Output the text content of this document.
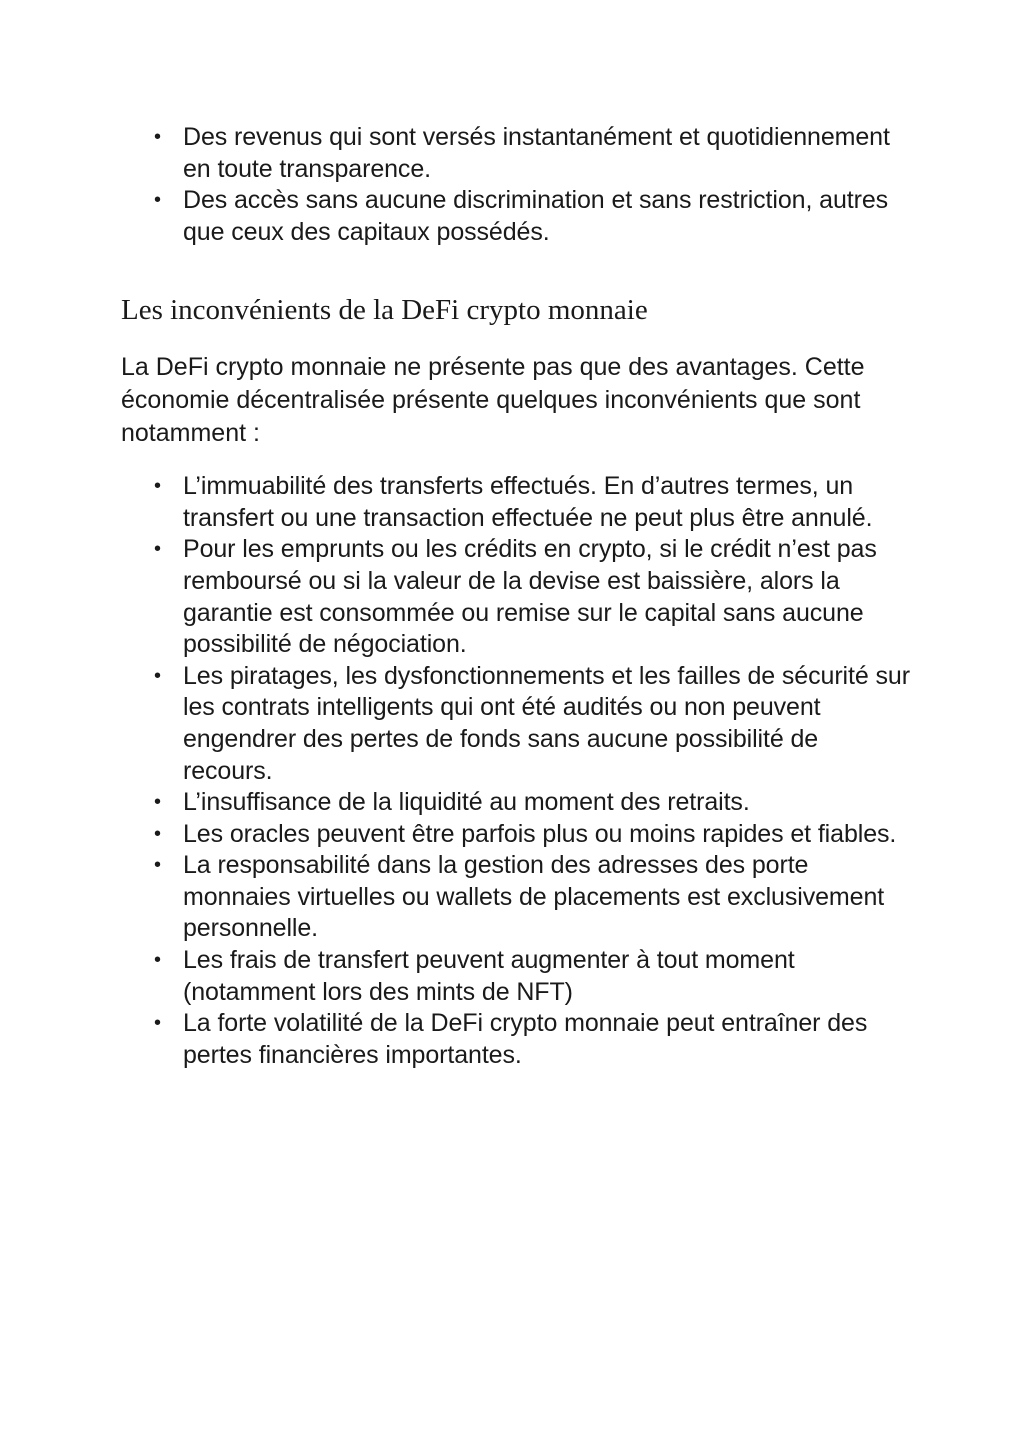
• Des revenus qui sont versés instantanément et quotidiennement en toute transparence.
• Des accès sans aucune discrimination et sans restriction, autres que ceux des capitaux possédés.
Les inconvénients de la DeFi crypto monnaie

La DeFi crypto monnaie ne présente pas que des avantages. Cette économie décentralisée présente quelques inconvénients que sont notamment :

• L’immuabilité des transferts effectués. En d’autres termes, un transfert ou une transaction effectuée ne peut plus être annulé.
• Pour les emprunts ou les crédits en crypto, si le crédit n’est pas remboursé ou si la valeur de la devise est baissière, alors la garantie est consommée ou remise sur le capital sans aucune possibilité de négociation.
• Les piratages, les dysfonctionnements et les failles de sécurité sur les contrats intelligents qui ont été audités ou non peuvent engendrer des pertes de fonds sans aucune possibilité de recours.
• L’insuffisance de la liquidité au moment des retraits.
• Les oracles peuvent être parfois plus ou moins rapides et fiables.
• La responsabilité dans la gestion des adresses des porte monnaies virtuelles ou wallets de placements est exclusivement personnelle.
• Les frais de transfert peuvent augmenter à tout moment (notamment lors des mints de NFT)
• La forte volatilité de la DeFi crypto monnaie peut entraîner des pertes financières importantes.
